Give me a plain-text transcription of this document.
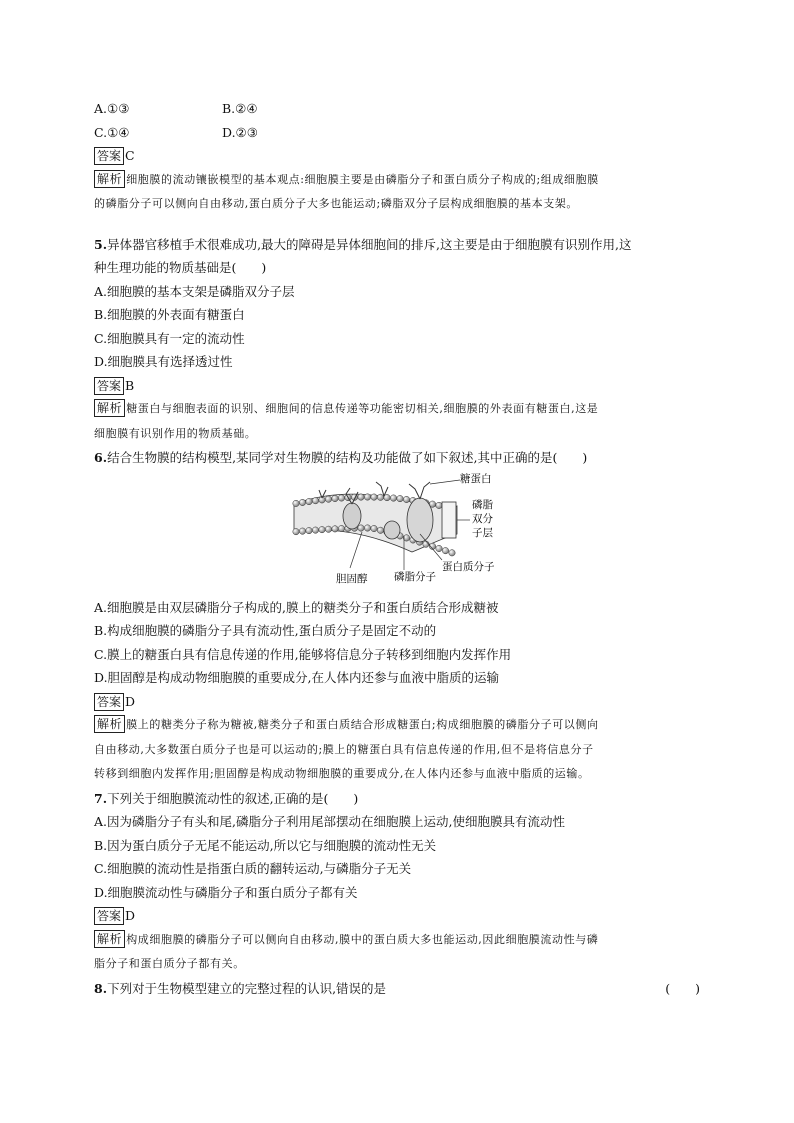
A.①③	B.②④
C.①④	D.②③
答案 C
解析 细胞膜的流动镶嵌模型的基本观点:细胞膜主要是由磷脂分子和蛋白质分子构成的;组成细胞膜
的磷脂分子可以侧向自由移动,蛋白质分子大多也能运动;磷脂双分子层构成细胞膜的基本支架。
5.异体器官移植手术很难成功,最大的障碍是异体细胞间的排斥,这主要是由于细胞膜有识别作用,这
种生理功能的物质基础是(　　)
A.细胞膜的基本支架是磷脂双分子层
B.细胞膜的外表面有糖蛋白
C.细胞膜具有一定的流动性
D.细胞膜具有选择透过性
答案 B
解析 糖蛋白与细胞表面的识别、细胞间的信息传递等功能密切相关,细胞膜的外表面有糖蛋白,这是
细胞膜有识别作用的物质基础。
6.结合生物膜的结构模型,某同学对生物膜的结构及功能做了如下叙述,其中正确的是(　　)
糖蛋白
磷脂
双分
子层
蛋白质分子
胆固醇	磷脂分子
A.细胞膜是由双层磷脂分子构成的,膜上的糖类分子和蛋白质结合形成糖被
B.构成细胞膜的磷脂分子具有流动性,蛋白质分子是固定不动的
C.膜上的糖蛋白具有信息传递的作用,能够将信息分子转移到细胞内发挥作用
D.胆固醇是构成动物细胞膜的重要成分,在人体内还参与血液中脂质的运输
答案 D
解析 膜上的糖类分子称为糖被,糖类分子和蛋白质结合形成糖蛋白;构成细胞膜的磷脂分子可以侧向
自由移动,大多数蛋白质分子也是可以运动的;膜上的糖蛋白具有信息传递的作用,但不是将信息分子
转移到细胞内发挥作用;胆固醇是构成动物细胞膜的重要成分,在人体内还参与血液中脂质的运输。
7.下列关于细胞膜流动性的叙述,正确的是(　　)
A.因为磷脂分子有头和尾,磷脂分子利用尾部摆动在细胞膜上运动,使细胞膜具有流动性
B.因为蛋白质分子无尾不能运动,所以它与细胞膜的流动性无关
C.细胞膜的流动性是指蛋白质的翻转运动,与磷脂分子无关
D.细胞膜流动性与磷脂分子和蛋白质分子都有关
答案 D
解析 构成细胞膜的磷脂分子可以侧向自由移动,膜中的蛋白质大多也能运动,因此细胞膜流动性与磷
脂分子和蛋白质分子都有关。
8.下列对于生物模型建立的完整过程的认识,错误的是	(　　)
